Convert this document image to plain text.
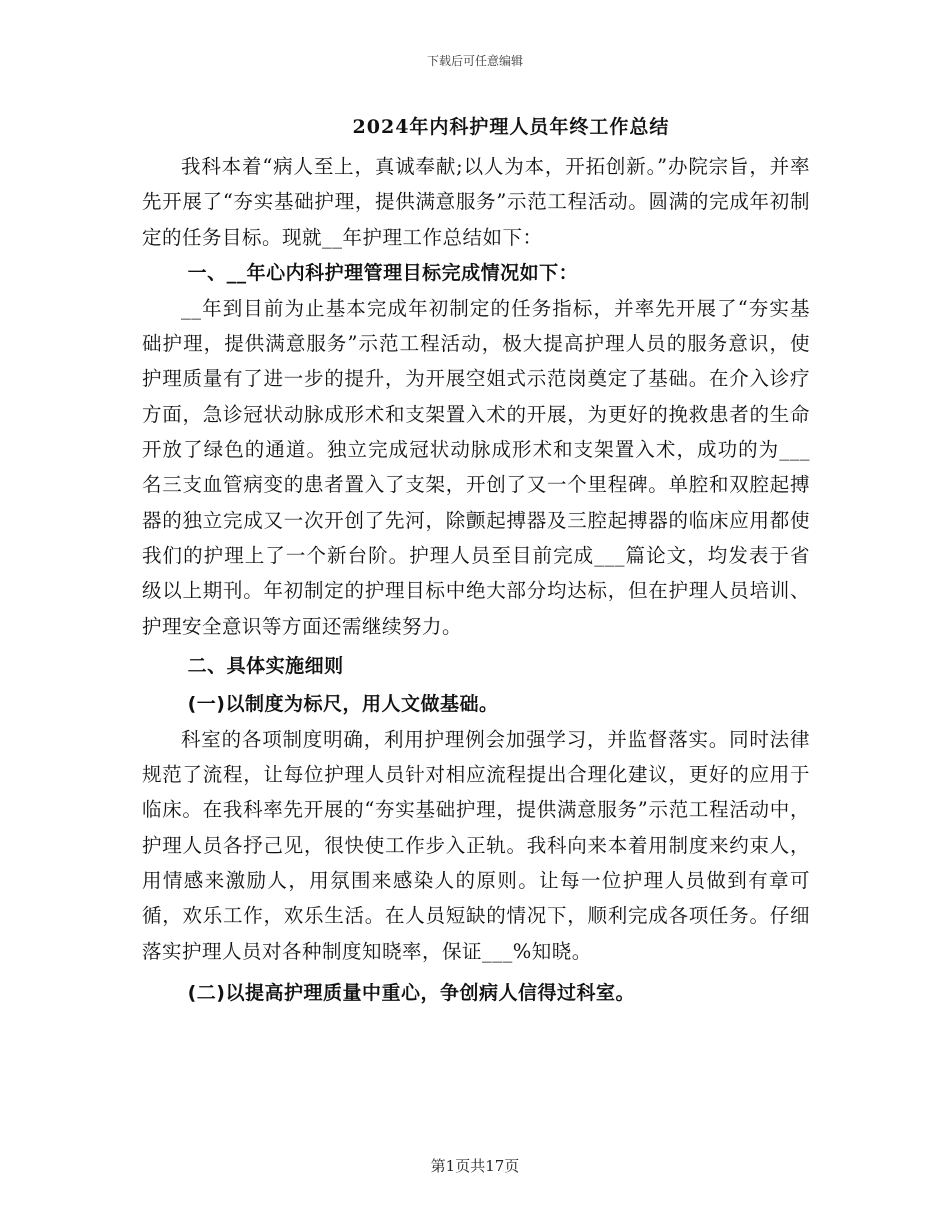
下载后可任意编辑
2024年内科护理人员年终工作总结

我科本着“病人至上，真诚奉献;以人为本，开拓创新。”办院宗旨，并率先开展了“夯实基础护理，提供满意服务”示范工程活动。圆满的完成年初制定的任务目标。现就__年护理工作总结如下：

一、__年心内科护理管理目标完成情况如下：

__年到目前为止基本完成年初制定的任务指标，并率先开展了“夯实基础护理，提供满意服务”示范工程活动，极大提高护理人员的服务意识，使护理质量有了进一步的提升，为开展空姐式示范岗奠定了基础。在介入诊疗方面，急诊冠状动脉成形术和支架置入术的开展，为更好的挽救患者的生命开放了绿色的通道。独立完成冠状动脉成形术和支架置入术，成功的为___名三支血管病变的患者置入了支架，开创了又一个里程碑。单腔和双腔起搏器的独立完成又一次开创了先河，除颤起搏器及三腔起搏器的临床应用都使我们的护理上了一个新台阶。护理人员至目前完成___篇论文，均发表于省级以上期刊。年初制定的护理目标中绝大部分均达标，但在护理人员培训、护理安全意识等方面还需继续努力。

二、具体实施细则
(一)以制度为标尺，用人文做基础。

科室的各项制度明确，利用护理例会加强学习，并监督落实。同时法律规范了流程，让每位护理人员针对相应流程提出合理化建议，更好的应用于临床。在我科率先开展的“夯实基础护理，提供满意服务”示范工程活动中，护理人员各抒己见，很快使工作步入正轨。我科向来本着用制度来约束人，用情感来激励人，用氛围来感染人的原则。让每一位护理人员做到有章可循，欢乐工作，欢乐生活。在人员短缺的情况下，顺利完成各项任务。仔细落实护理人员对各种制度知晓率，保证___%知晓。

(二)以提高护理质量中重心，争创病人信得过科室。
第1页共17页
